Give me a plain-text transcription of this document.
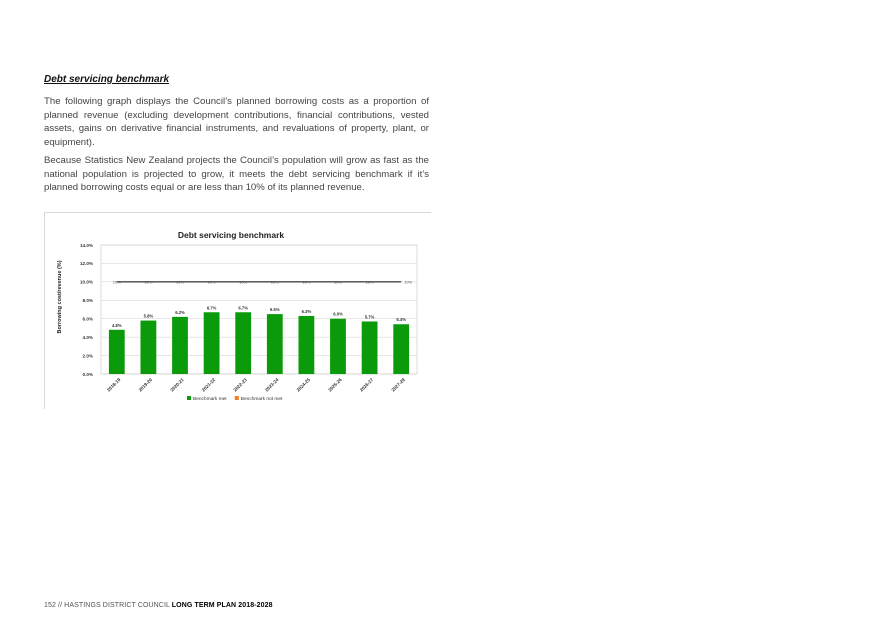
Debt servicing benchmark

The following graph displays the Council’s planned borrowing costs as a proportion of planned revenue (excluding development contributions, financial contributions, vested assets, gains on derivative financial instruments, and revaluations of property, plant, or equipment).

Because Statistics New Zealand projects the Council’s population will grow as fast as the national population is projected to grow, it meets the debt servicing benchmark if it’s planned borrowing costs equal or are less than 10% of its planned revenue.

Debt servicing benchmark
Borrowing cost/revenue (%)
0.0%
2.0%
4.0%
6.0%
8.0%
10.0%
12.0%
14.0%
4.8%
2018-19
5.8%
2019-20
6.2%
2020-21
6.7%
2021-22
6.7%
2022-23
6.5%
2023-24
6.3%
2024-25
6.0%
2025-26
5.7%
2026-27
5.4%
2027-28
10%	10%	10%	10%	10%	10%	10%	10%	10%	10%
Benchmark met	Benchmark not met
152 // HASTINGS DISTRICT COUNCIL LONG TERM PLAN 2018-2028
